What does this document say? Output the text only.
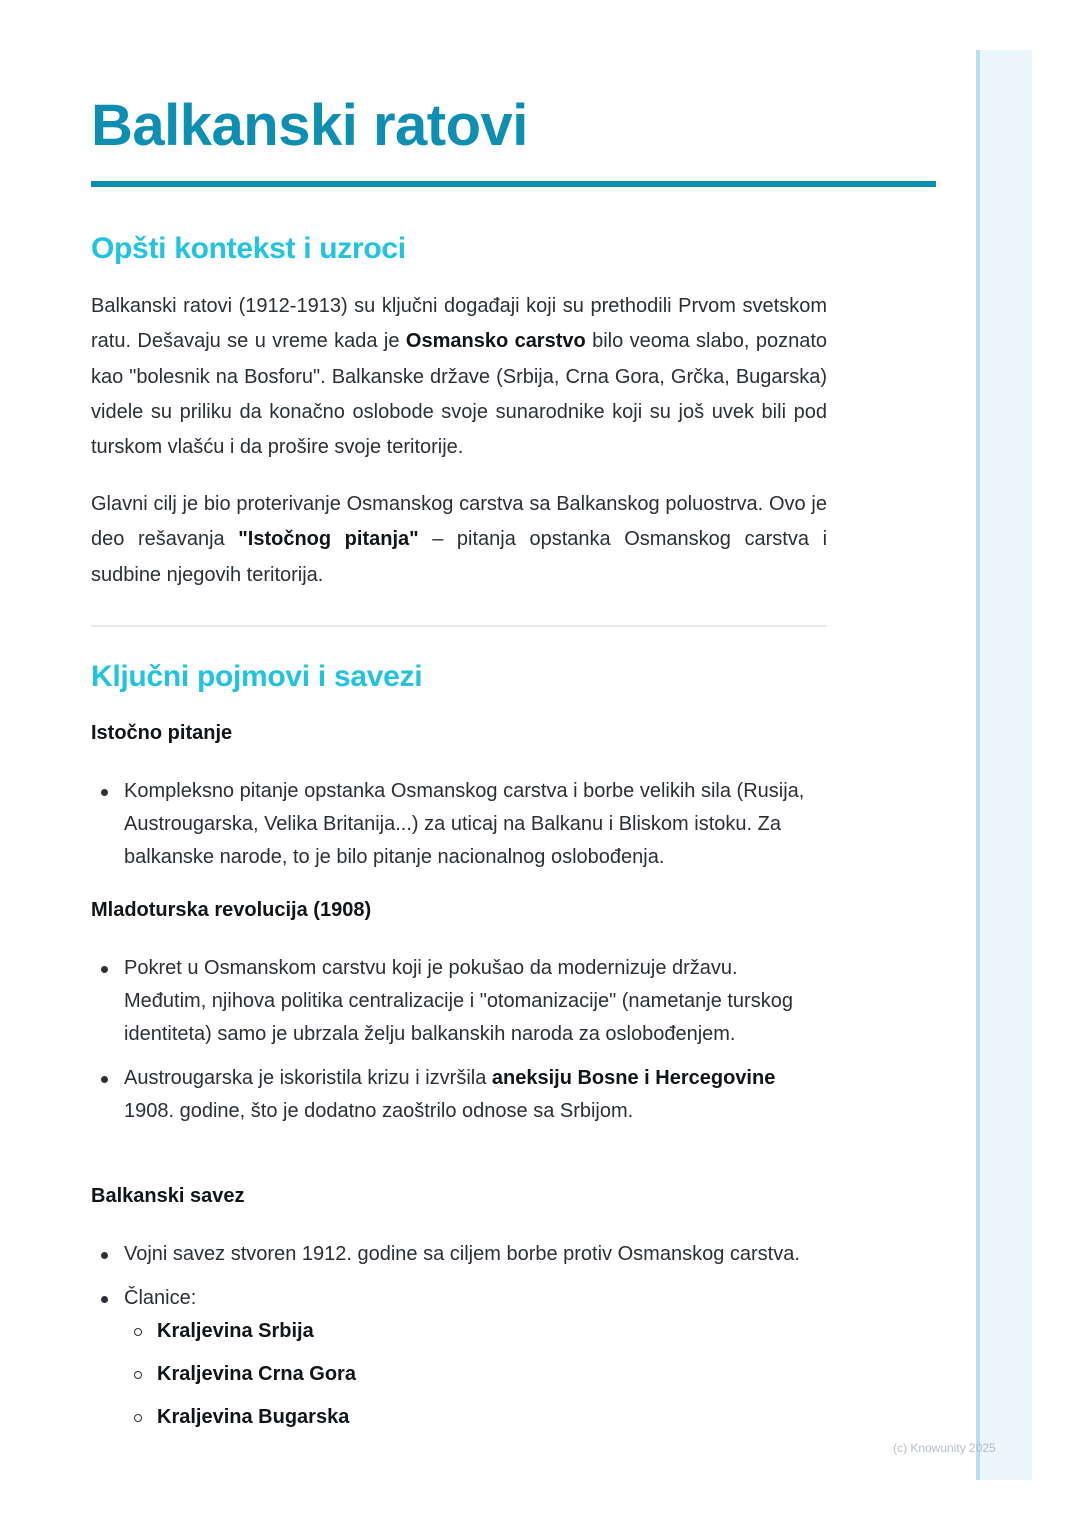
(c) Knowunity 2025
Balkanski ratovi
Opšti kontekst i uzroci

Balkanski ratovi (1912-1913) su ključni događaji koji su prethodili Prvom svetskom ratu. Dešavaju se u vreme kada je Osmansko carstvo bilo veoma slabo, poznato kao "bolesnik na Bosforu". Balkanske države (Srbija, Crna Gora, Grčka, Bugarska) videle su priliku da konačno oslobode svoje sunarodnike koji su još uvek bili pod turskom vlašću i da prošire svoje teritorije.

Glavni cilj je bio proterivanje Osmanskog carstva sa Balkanskog poluostrva. Ovo je deo rešavanja "Istočnog pitanja" – pitanja opstanka Osmanskog carstva i sudbine njegovih teritorija.

Ključni pojmovi i savezi
Istočno pitanje
Kompleksno pitanje opstanka Osmanskog carstva i borbe velikih sila (Rusija, Austrougarska, Velika Britanija...) za uticaj na Balkanu i Bliskom istoku. Za balkanske narode, to je bilo pitanje nacionalnog oslobođenja.
Mladoturska revolucija (1908)
Pokret u Osmanskom carstvu koji je pokušao da modernizuje državu. Međutim, njihova politika centralizacije i "otomanizacije" (nametanje turskog identiteta) samo je ubrzala želju balkanskih naroda za oslobođenjem.
Austrougarska je iskoristila krizu i izvršila aneksiju Bosne i Hercegovine 1908. godine, što je dodatno zaoštrilo odnose sa Srbijom.
Balkanski savez
Vojni savez stvoren 1912. godine sa ciljem borbe protiv Osmanskog carstva.
Članice:
Kraljevina Srbija
Kraljevina Crna Gora
Kraljevina Bugarska
